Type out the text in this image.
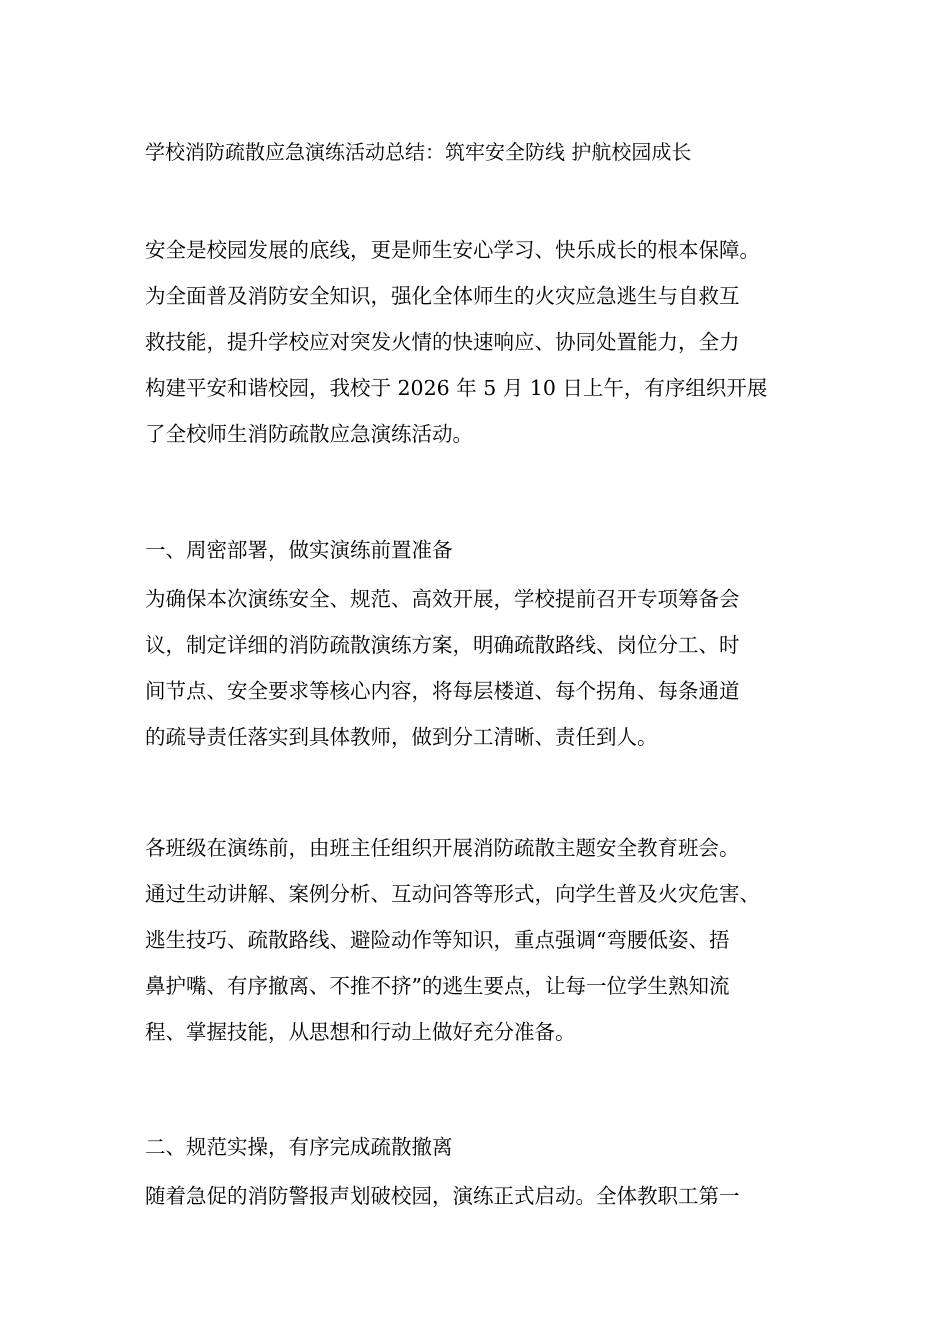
学校消防疏散应急演练活动总结：筑牢安全防线 护航校园成长
安全是校园发展的底线，更是师生安心学习、快乐成长的根本保障。
为全面普及消防安全知识，强化全体师生的火灾应急逃生与自救互
救技能，提升学校应对突发火情的快速响应、协同处置能力，全力
构建平安和谐校园，我校于 2026 年 5 月 10 日上午，有序组织开展
了全校师生消防疏散应急演练活动。
一、周密部署，做实演练前置准备
为确保本次演练安全、规范、高效开展，学校提前召开专项筹备会
议，制定详细的消防疏散演练方案，明确疏散路线、岗位分工、时
间节点、安全要求等核心内容，将每层楼道、每个拐角、每条通道
的疏导责任落实到具体教师，做到分工清晰、责任到人。
各班级在演练前，由班主任组织开展消防疏散主题安全教育班会。
通过生动讲解、案例分析、互动问答等形式，向学生普及火灾危害、
逃生技巧、疏散路线、避险动作等知识，重点强调“弯腰低姿、捂
鼻护嘴、有序撤离、不推不挤”的逃生要点，让每一位学生熟知流
程、掌握技能，从思想和行动上做好充分准备。
二、规范实操，有序完成疏散撤离
随着急促的消防警报声划破校园，演练正式启动。全体教职工第一
